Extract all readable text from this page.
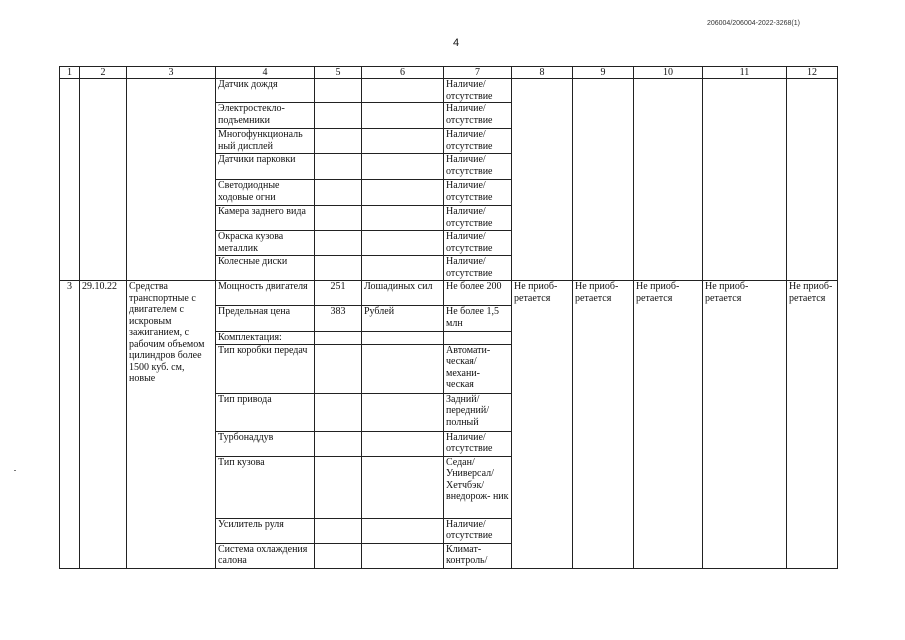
206004/206004-2022-3268(1)
4
1	2	3	4	5	6	7	8	9	10	11	12
			Датчик дождя			Наличие/ отсутствие					
			Электростекло- подъемники			Наличие/ отсутствие					
			Многофункциональ ный дисплей			Наличие/ отсутствие					
			Датчики парковки			Наличие/ отсутствие					
			Светодиодные ходовые огни			Наличие/ отсутствие					
			Камера заднего вида			Наличие/ отсутствие					
			Окраска кузова металлик			Наличие/ отсутствие					
			Колесные диски			Наличие/ отсутствие					
3	29.10.22	Средства транспортные с двигателем с искровым зажиганием, с рабочим объемом цилиндров более 1500 куб. см, новые	Мощность двигателя	251	Лошадиных сил	Не более 200	Не приоб- ретается	Не приоб- ретается	Не приоб- ретается	Не приоб- ретается	Не приоб- ретается
			Предельная цена	383	Рублей	Не более 1,5 млн					
			Комплектация:								
			Тип коробки передач			Автомати- ческая/ механи- ческая					
			Тип привода			Задний/ передний/ полный					
			Турбонаддув			Наличие/ отсутствие					
			Тип кузова			Седан/ Универсал/ Хетчбэк/ внедорож- ник					
			Усилитель руля			Наличие/ отсутствие					
			Система охлаждения салона			Климат- контроль/					
